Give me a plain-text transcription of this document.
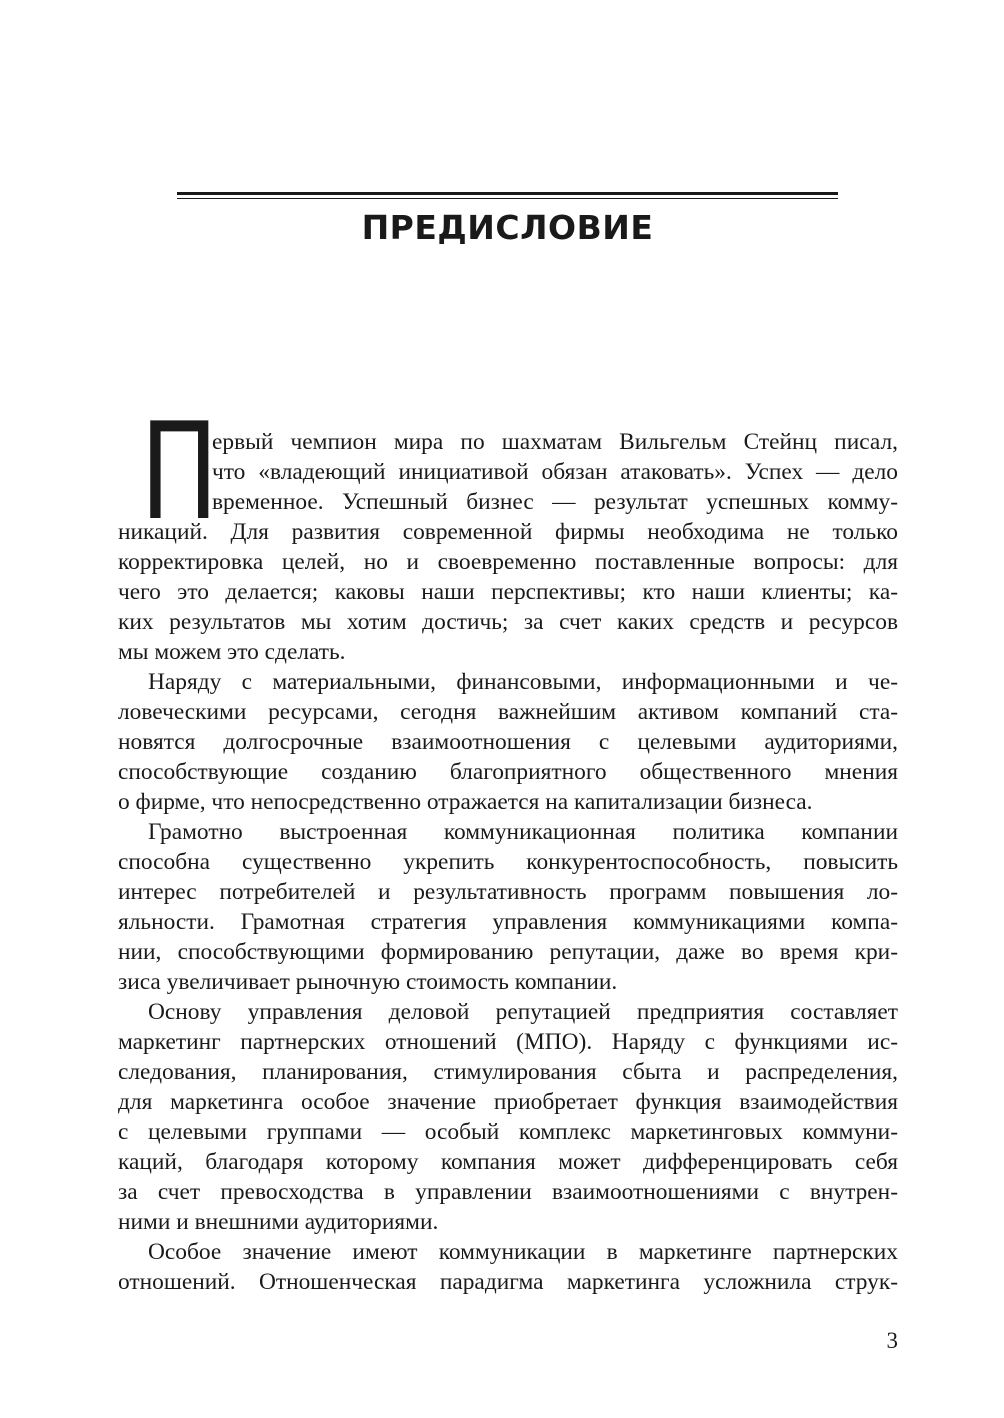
ПРЕДИСЛОВИЕ
П
ервый чемпион мира по шахматам Вильгельм Стейнц писал,
что «владеющий инициативой обязан атаковать». Успех — дело
временное. Успешный бизнес — результат успешных комму-
никаций. Для развития современной фирмы необходима не только
корректировка целей, но и своевременно поставленные вопросы: для
чего это делается; каковы наши перспективы; кто наши клиенты; ка-
ких результатов мы хотим достичь; за счет каких средств и ресурсов
мы можем это сделать.
Наряду с материальными, финансовыми, информационными и че-
ловеческими ресурсами, сегодня важнейшим активом компаний ста-
новятся долгосрочные взаимоотношения с целевыми аудиториями,
способствующие созданию благоприятного общественного мнения
о фирме, что непосредственно отражается на капитализации бизнеса.
Грамотно выстроенная коммуникационная политика компании
способна существенно укрепить конкурентоспособность, повысить
интерес потребителей и результативность программ повышения ло-
яльности. Грамотная стратегия управления коммуникациями компа-
нии, способствующими формированию репутации, даже во время кри-
зиса увеличивает рыночную стоимость компании.
Основу управления деловой репутацией предприятия составляет
маркетинг партнерских отношений (МПО). Наряду с функциями ис-
следования, планирования, стимулирования сбыта и распределения,
для маркетинга особое значение приобретает функция взаимодействия
с целевыми группами — особый комплекс маркетинговых коммуни-
каций, благодаря которому компания может дифференцировать себя
за счет превосходства в управлении взаимоотношениями с внутрен-
ними и внешними аудиториями.
Особое значение имеют коммуникации в маркетинге партнерских
отношений. Отношенческая парадигма маркетинга усложнила струк-
3
